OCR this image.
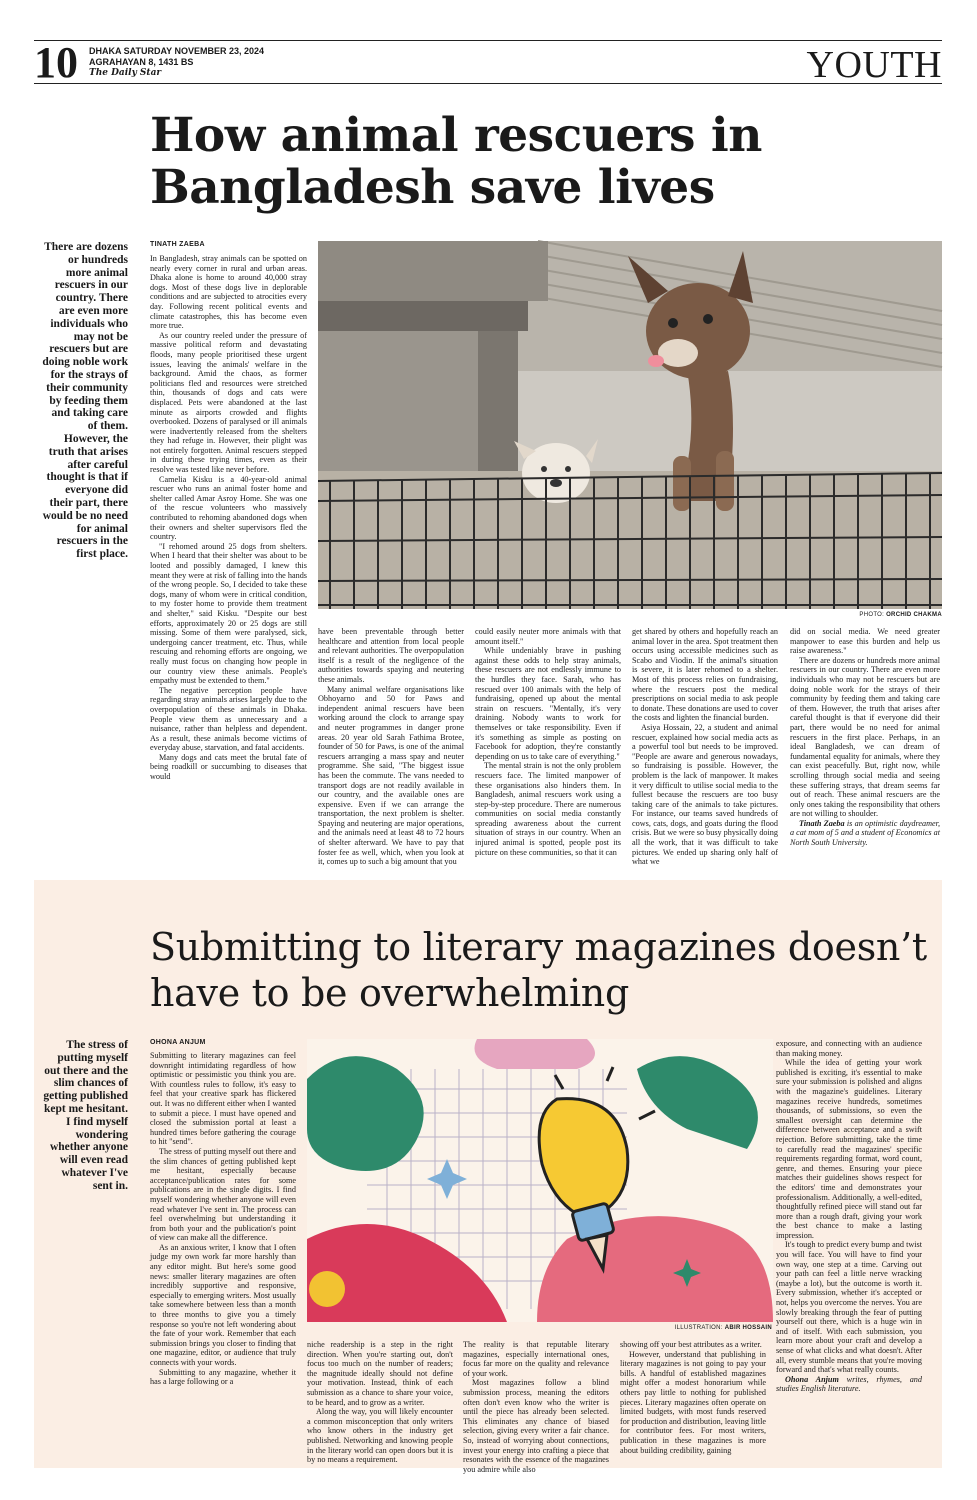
10 DHAKA SATURDAY NOVEMBER 23, 2024
AGRAHAYAN 8, 1431 BS
The Daily Star	YOUTH
How animal rescuers in Bangladesh save lives
There are dozens or hundreds more animal rescuers in our country. There are even more individuals who may not be rescuers but are doing noble work for the strays of their community by feeding them and taking care of them. However, the truth that arises after careful thought is that if everyone did their part, there would be no need for animal rescuers in the first place.
TINATH ZAEBA

In Bangladesh, stray animals can be spotted on nearly every corner in rural and urban areas. Dhaka alone is home to around 40,000 stray dogs. Most of these dogs live in deplorable conditions and are subjected to atrocities every day. Following recent political events and climate catastrophes, this has become even more true.

As our country reeled under the pressure of massive political reform and devastating floods, many people prioritised these urgent issues, leaving the animals' welfare in the background. Amid the chaos, as former politicians fled and resources were stretched thin, thousands of dogs and cats were displaced. Pets were abandoned at the last minute as airports crowded and flights overbooked. Dozens of paralysed or ill animals were inadvertently released from the shelters they had refuge in. However, their plight was not entirely forgotten. Animal rescuers stepped in during these trying times, even as their resolve was tested like never before.

Camelia Kisku is a 40-year-old animal rescuer who runs an animal foster home and shelter called Amar Asroy Home. She was one of the rescue volunteers who massively contributed to rehoming abandoned dogs when their owners and shelter supervisors fled the country.

"I rehomed around 25 dogs from shelters. When I heard that their shelter was about to be looted and possibly damaged, I knew this meant they were at risk of falling into the hands of the wrong people. So, I decided to take these dogs, many of whom were in critical condition, to my foster home to provide them treatment and shelter," said Kisku. "Despite our best efforts, approximately 20 or 25 dogs are still missing. Some of them were paralysed, sick, undergoing cancer treatment, etc. Thus, while rescuing and rehoming efforts are ongoing, we really must focus on changing how people in our country view these animals. People's empathy must be extended to them."

The negative perception people have regarding stray animals arises largely due to the overpopulation of these animals in Dhaka. People view them as unnecessary and a nuisance, rather than helpless and dependent. As a result, these animals become victims of everyday abuse, starvation, and fatal accidents.

Many dogs and cats meet the brutal fate of being roadkill or succumbing to diseases that would

have been preventable through better healthcare and attention from local people and relevant authorities. The overpopulation itself is a result of the negligence of the authorities towards spaying and neutering these animals.

Many animal welfare organisations like Obhoyarno and 50 for Paws and independent animal rescuers have been working around the clock to arrange spay and neuter programmes in danger prone areas. 20 year old Sarah Fathima Brotee, founder of 50 for Paws, is one of the animal rescuers arranging a mass spay and neuter programme. She said, "The biggest issue has been the commute. The vans needed to transport dogs are not readily available in our country, and the available ones are expensive. Even if we can arrange the transportation, the next problem is shelter. Spaying and neutering are major operations, and the animals need at least 48 to 72 hours of shelter afterward. We have to pay that foster fee as well, which, when you look at it, comes up to such a big amount that you

could easily neuter more animals with that amount itself."

While undeniably brave in pushing against these odds to help stray animals, these rescuers are not endlessly immune to the hurdles they face. Sarah, who has rescued over 100 animals with the help of fundraising, opened up about the mental strain on rescuers. "Mentally, it's very draining. Nobody wants to work for themselves or take responsibility. Even if it's something as simple as posting on Facebook for adoption, they're constantly depending on us to take care of everything."

The mental strain is not the only problem rescuers face. The limited manpower of these organisations also hinders them. In Bangladesh, animal rescuers work using a step-by-step procedure. There are numerous communities on social media constantly spreading awareness about the current situation of strays in our country. When an injured animal is spotted, people post its picture on these communities, so that it can

get shared by others and hopefully reach an animal lover in the area. Spot treatment then occurs using accessible medicines such as Scabo and Viodin. If the animal's situation is severe, it is later rehomed to a shelter. Most of this process relies on fundraising, where the rescuers post the medical prescriptions on social media to ask people to donate. These donations are used to cover the costs and lighten the financial burden.

Asiya Hossain, 22, a student and animal rescuer, explained how social media acts as a powerful tool but needs to be improved. "People are aware and generous nowadays, so fundraising is possible. However, the problem is the lack of manpower. It makes it very difficult to utilise social media to the fullest because the rescuers are too busy taking care of the animals to take pictures. For instance, our teams saved hundreds of cows, cats, dogs, and goats during the flood crisis. But we were so busy physically doing all the work, that it was difficult to take pictures. We ended up sharing only half of what we

did on social media. We need greater manpower to ease this burden and help us raise awareness."

There are dozens or hundreds more animal rescuers in our country. There are even more individuals who may not be rescuers but are doing noble work for the strays of their community by feeding them and taking care of them. However, the truth that arises after careful thought is that if everyone did their part, there would be no need for animal rescuers in the first place. Perhaps, in an ideal Bangladesh, we can dream of fundamental equality for animals, where they can exist peacefully. But, right now, while scrolling through social media and seeing these suffering strays, that dream seems far out of reach. These animal rescuers are the only ones taking the responsibility that others are not willing to shoulder.

Tinath Zaeba is an optimistic daydreamer, a cat mom of 5 and a student of Economics at North South University.

PHOTO: ORCHID CHAKMA
Submitting to literary magazines doesn’t have to be overwhelming
The stress of putting myself out there and the slim chances of getting published kept me hesitant. I find myself wondering whether anyone will even read whatever I've sent in.
OHONA ANJUM

Submitting to literary magazines can feel downright intimidating regardless of how optimistic or pessimistic you think you are. With countless rules to follow, it's easy to feel that your creative spark has flickered out. It was no different either when I wanted to submit a piece. I must have opened and closed the submission portal at least a hundred times before gathering the courage to hit "send".

The stress of putting myself out there and the slim chances of getting published kept me hesitant, especially because acceptance/publication rates for some publications are in the single digits. I find myself wondering whether anyone will even read whatever I've sent in. The process can feel overwhelming but understanding it from both your and the publication's point of view can make all the difference.

As an anxious writer, I know that I often judge my own work far more harshly than any editor might. But here's some good news: smaller literary magazines are often incredibly supportive and responsive, especially to emerging writers. Most usually take somewhere between less than a month to three months to give you a timely response so you're not left wondering about the fate of your work. Remember that each submission brings you closer to finding that one magazine, editor, or audience that truly connects with your words.

Submitting to any magazine, whether it has a large following or a

niche readership is a step in the right direction. When you're starting out, don't focus too much on the number of readers; the magnitude ideally should not define your motivation. Instead, think of each submission as a chance to share your voice, to be heard, and to grow as a writer.

Along the way, you will likely encounter a common misconception that only writers who know others in the industry get published. Networking and knowing people in the literary world can open doors but it is by no means a requirement.

The reality is that reputable literary magazines, especially international ones, focus far more on the quality and relevance of your work.

Most magazines follow a blind submission process, meaning the editors often don't even know who the writer is until the piece has already been selected. This eliminates any chance of biased selection, giving every writer a fair chance. So, instead of worrying about connections, invest your energy into crafting a piece that resonates with the essence of the magazines you admire while also

showing off your best attributes as a writer.

However, understand that publishing in literary magazines is not going to pay your bills. A handful of established magazines might offer a modest honorarium while others pay little to nothing for published pieces. Literary magazines often operate on limited budgets, with most funds reserved for production and distribution, leaving little for contributor fees. For most writers, publication in these magazines is more about building credibility, gaining

exposure, and connecting with an audience than making money.

While the idea of getting your work published is exciting, it's essential to make sure your submission is polished and aligns with the magazine's guidelines. Literary magazines receive hundreds, sometimes thousands, of submissions, so even the smallest oversight can determine the difference between acceptance and a swift rejection. Before submitting, take the time to carefully read the magazines' specific requirements regarding format, word count, genre, and themes. Ensuring your piece matches their guidelines shows respect for the editors' time and demonstrates your professionalism. Additionally, a well-edited, thoughtfully refined piece will stand out far more than a rough draft, giving your work the best chance to make a lasting impression.

It's tough to predict every bump and twist you will face. You will have to find your own way, one step at a time. Carving out your path can feel a little nerve wracking (maybe a lot), but the outcome is worth it. Every submission, whether it's accepted or not, helps you overcome the nerves. You are slowly breaking through the fear of putting yourself out there, which is a huge win in and of itself. With each submission, you learn more about your craft and develop a sense of what clicks and what doesn't. After all, every stumble means that you're moving forward and that's what really counts.

Ohona Anjum writes, rhymes, and studies English literature.

ILLUSTRATION: ABIR HOSSAIN
